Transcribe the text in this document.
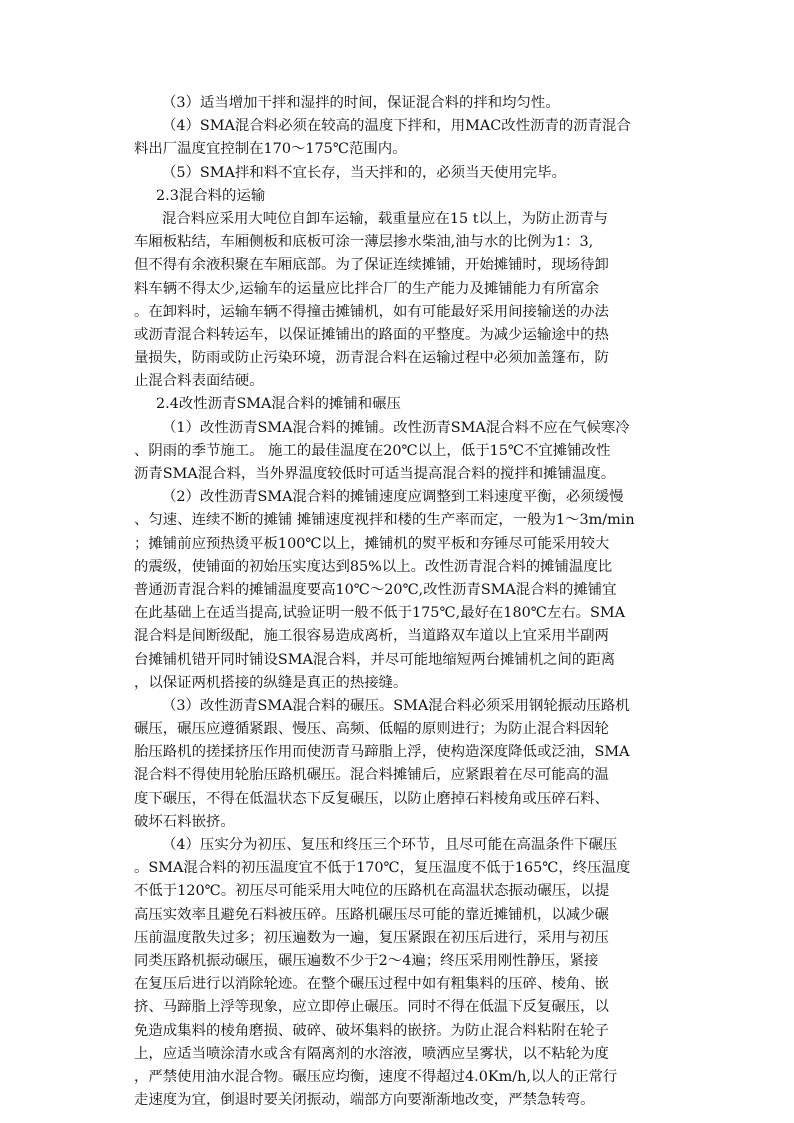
（3）适当增加干拌和湿拌的时间，保证混合料的拌和均匀性。
（4）SMA混合料必须在较高的温度下拌和，用MAC改性沥青的沥青混合
料出厂温度宜控制在170～175℃范围内。
（5）SMA拌和料不宜长存，当天拌和的，必须当天使用完毕。
2.3混合料的运输
混合料应采用大吨位自卸车运输，载重量应在15 t以上，为防止沥青与
车厢板粘结，车厢侧板和底板可涂一薄层掺水柴油,油与水的比例为1：3,
但不得有余液积聚在车厢底部。为了保证连续摊铺，开始摊铺时，现场待卸
料车辆不得太少,运输车的运量应比拌合厂的生产能力及摊铺能力有所富余
。在卸料时，运输车辆不得撞击摊铺机，如有可能最好采用间接输送的办法
或沥青混合料转运车，以保证摊铺出的路面的平整度。为减少运输途中的热
量损失，防雨或防止污染环境，沥青混合料在运输过程中必须加盖篷布，防
止混合料表面结硬。
2.4改性沥青SMA混合料的摊铺和碾压
（1）改性沥青SMA混合料的摊铺。改性沥青SMA混合料不应在气候寒冷
、阴雨的季节施工。 施工的最佳温度在20℃以上，低于15℃不宜摊铺改性
沥青SMA混合料，当外界温度较低时可适当提高混合料的搅拌和摊铺温度。
（2）改性沥青SMA混合料的摊铺速度应调整到工料速度平衡，必须缓慢
、匀速、连续不断的摊铺 摊铺速度视拌和楼的生产率而定，一般为1～3m/min
；摊铺前应预热烫平板100℃以上，摊铺机的熨平板和夯锤尽可能采用较大
的震级，使铺面的初始压实度达到85%以上。改性沥青混合料的摊铺温度比
普通沥青混合料的摊铺温度要高10℃～20℃,改性沥青SMA混合料的摊铺宜
在此基础上在适当提高,试验证明一般不低于175℃,最好在180℃左右。SMA
混合料是间断级配，施工很容易造成离析，当道路双车道以上宜采用半副两
台摊铺机错开同时铺设SMA混合料，并尽可能地缩短两台摊铺机之间的距离
，以保证两机搭接的纵缝是真正的热接缝。
（3）改性沥青SMA混合料的碾压。SMA混合料必须采用钢轮振动压路机
碾压，碾压应遵循紧跟、慢压、高频、低幅的原则进行；为防止混合料因轮
胎压路机的搓揉挤压作用而使沥青马蹄脂上浮，使构造深度降低或泛油，SMA
混合料不得使用轮胎压路机碾压。混合料摊铺后，应紧跟着在尽可能高的温
度下碾压，不得在低温状态下反复碾压，以防止磨掉石料棱角或压碎石料、
破坏石料嵌挤。
（4）压实分为初压、复压和终压三个环节，且尽可能在高温条件下碾压
。SMA混合料的初压温度宜不低于170℃，复压温度不低于165℃，终压温度
不低于120℃。初压尽可能采用大吨位的压路机在高温状态振动碾压，以提
高压实效率且避免石料被压碎。压路机碾压尽可能的靠近摊铺机，以减少碾
压前温度散失过多；初压遍数为一遍，复压紧跟在初压后进行，采用与初压
同类压路机振动碾压，碾压遍数不少于2～4遍；终压采用刚性静压，紧接
在复压后进行以消除轮迹。在整个碾压过程中如有粗集料的压碎、棱角、嵌
挤、马蹄脂上浮等现象，应立即停止碾压。同时不得在低温下反复碾压，以
免造成集料的棱角磨损、破碎、破坏集料的嵌挤。为防止混合料粘附在轮子
上，应适当喷涂清水或含有隔离剂的水溶液，喷洒应呈雾状，以不粘轮为度
，严禁使用油水混合物。碾压应均衡，速度不得超过4.0Km/h,以人的正常行
走速度为宜，倒退时要关闭振动，端部方向要渐渐地改变，严禁急转弯。
